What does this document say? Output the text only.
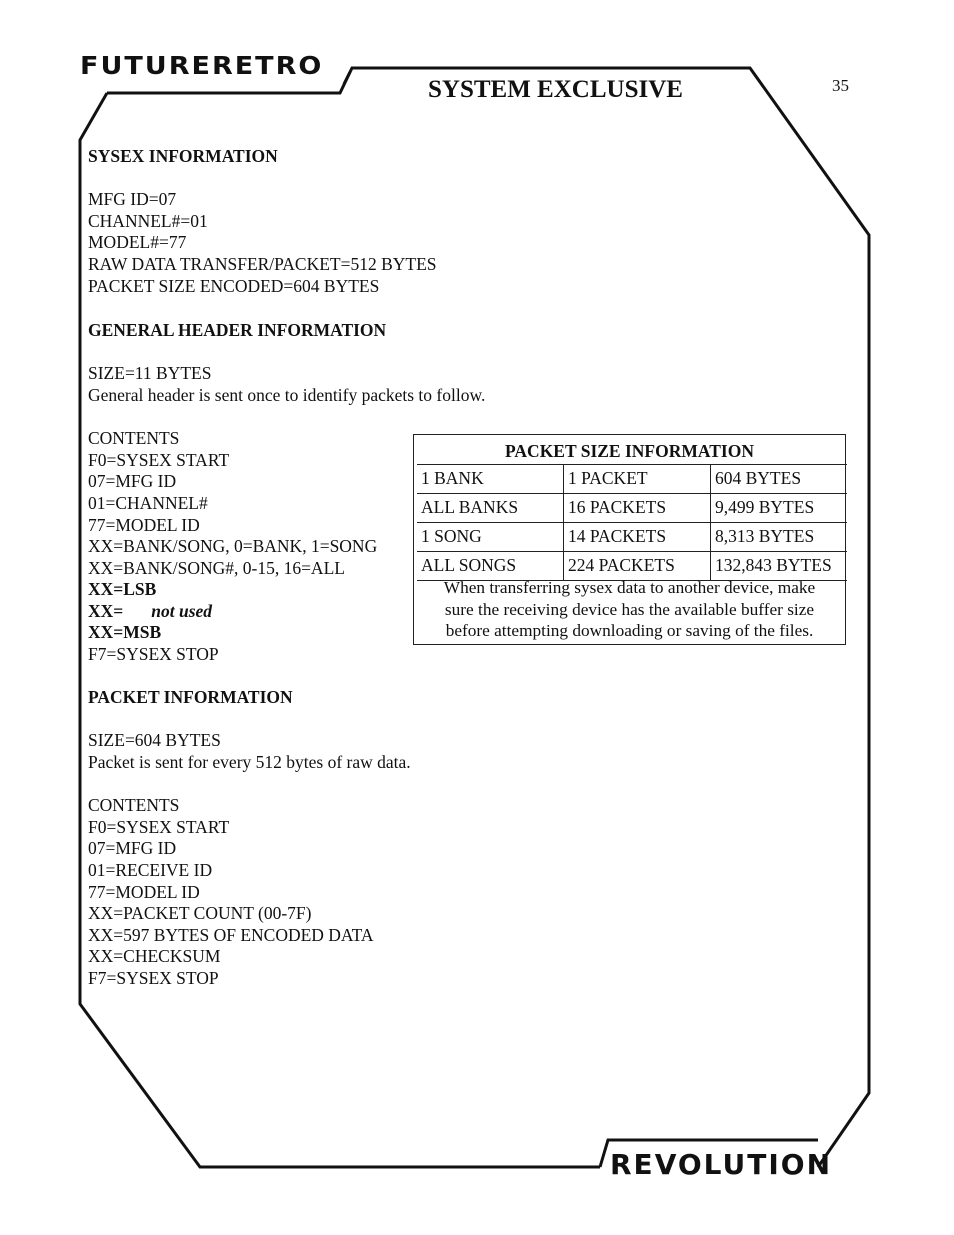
FUTURERETRO
SYSTEM EXCLUSIVE	35
REVOLUTION
SYSEX INFORMATION
MFG ID=07
CHANNEL#=01
MODEL#=77
RAW DATA TRANSFER/PACKET=512 BYTES
PACKET SIZE ENCODED=604 BYTES
GENERAL HEADER INFORMATION
SIZE=11 BYTES
General header is sent once to identify packets to follow.
CONTENTS
F0=SYSEX START
07=MFG ID
01=CHANNEL#
77=MODEL ID
XX=BANK/SONG, 0=BANK, 1=SONG
XX=BANK/SONG#, 0-15, 16=ALL
XX=LSB
XX= not used
XX=MSB
F7=SYSEX STOP
PACKET INFORMATION
SIZE=604 BYTES
Packet is sent for every 512 bytes of raw data.
CONTENTS
F0=SYSEX START
07=MFG ID
01=RECEIVE ID
77=MODEL ID
XX=PACKET COUNT (00-7F)
XX=597 BYTES OF ENCODED DATA
XX=CHECKSUM
F7=SYSEX STOP
PACKET SIZE INFORMATION
1 BANK	1 PACKET	604 BYTES
ALL BANKS	16 PACKETS	9,499 BYTES
1 SONG	14 PACKETS	8,313 BYTES
ALL SONGS	224 PACKETS	132,843 BYTES
When transferring sysex data to another device, make
sure the receiving device has the available buffer size
before attempting downloading or saving of the files.
